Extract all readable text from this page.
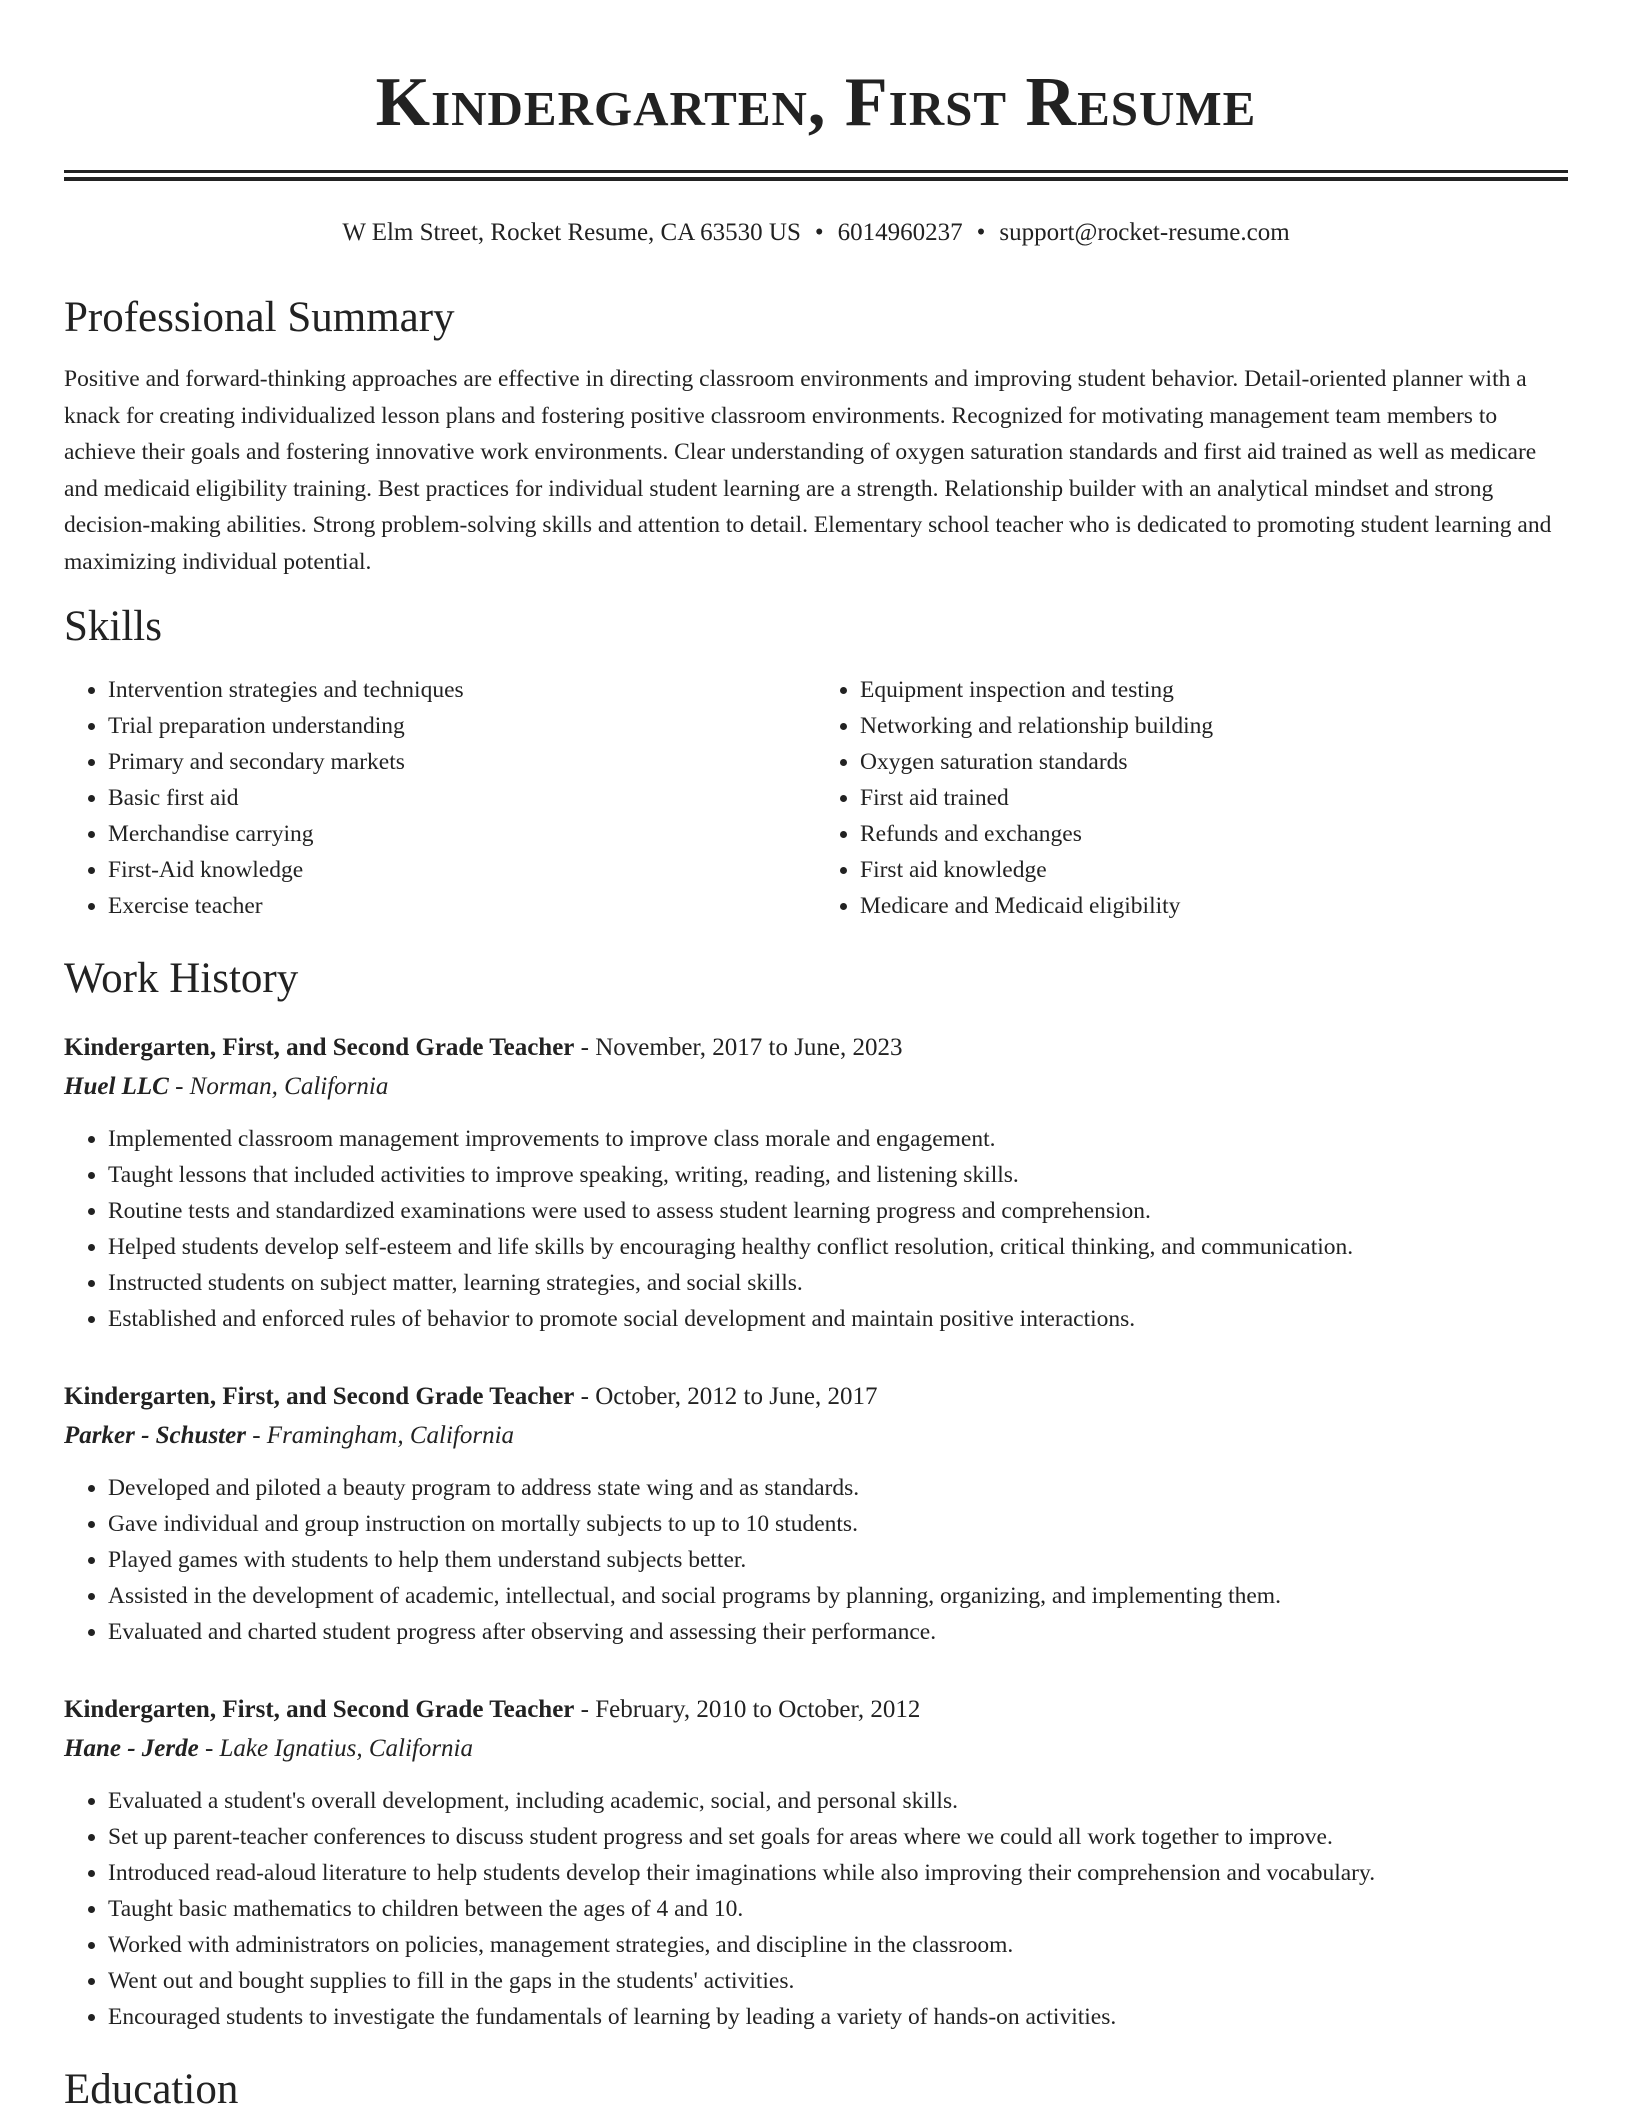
Kindergarten, First Resume
W Elm Street, Rocket Resume, CA 63530 US • 6014960237 • support@rocket-resume.com
Professional Summary

Positive and forward-thinking approaches are effective in directing classroom environments and improving student behavior. Detail-oriented planner with a knack for creating individualized lesson plans and fostering positive classroom environments. Recognized for motivating management team members to achieve their goals and fostering innovative work environments. Clear understanding of oxygen saturation standards and first aid trained as well as medicare and medicaid eligibility training. Best practices for individual student learning are a strength. Relationship builder with an analytical mindset and strong decision-making abilities. Strong problem-solving skills and attention to detail. Elementary school teacher who is dedicated to promoting student learning and maximizing individual potential.

Skills
• Intervention strategies and techniques
• Trial preparation understanding
• Primary and secondary markets
• Basic first aid
• Merchandise carrying
• First-Aid knowledge
• Exercise teacher
• Equipment inspection and testing
• Networking and relationship building
• Oxygen saturation standards
• First aid trained
• Refunds and exchanges
• First aid knowledge
• Medicare and Medicaid eligibility
Work History
Kindergarten, First, and Second Grade Teacher - November, 2017 to June, 2023
Huel LLC - Norman, California
• Implemented classroom management improvements to improve class morale and engagement.
• Taught lessons that included activities to improve speaking, writing, reading, and listening skills.
• Routine tests and standardized examinations were used to assess student learning progress and comprehension.
• Helped students develop self-esteem and life skills by encouraging healthy conflict resolution, critical thinking, and communication.
• Instructed students on subject matter, learning strategies, and social skills.
• Established and enforced rules of behavior to promote social development and maintain positive interactions.
Kindergarten, First, and Second Grade Teacher - October, 2012 to June, 2017
Parker - Schuster - Framingham, California
• Developed and piloted a beauty program to address state wing and as standards.
• Gave individual and group instruction on mortally subjects to up to 10 students.
• Played games with students to help them understand subjects better.
• Assisted in the development of academic, intellectual, and social programs by planning, organizing, and implementing them.
• Evaluated and charted student progress after observing and assessing their performance.
Kindergarten, First, and Second Grade Teacher - February, 2010 to October, 2012
Hane - Jerde - Lake Ignatius, California
• Evaluated a student's overall development, including academic, social, and personal skills.
• Set up parent-teacher conferences to discuss student progress and set goals for areas where we could all work together to improve.
• Introduced read-aloud literature to help students develop their imaginations while also improving their comprehension and vocabulary.
• Taught basic mathematics to children between the ages of 4 and 10.
• Worked with administrators on policies, management strategies, and discipline in the classroom.
• Went out and bought supplies to fill in the gaps in the students' activities.
• Encouraged students to investigate the fundamentals of learning by leading a variety of hands-on activities.
Education
